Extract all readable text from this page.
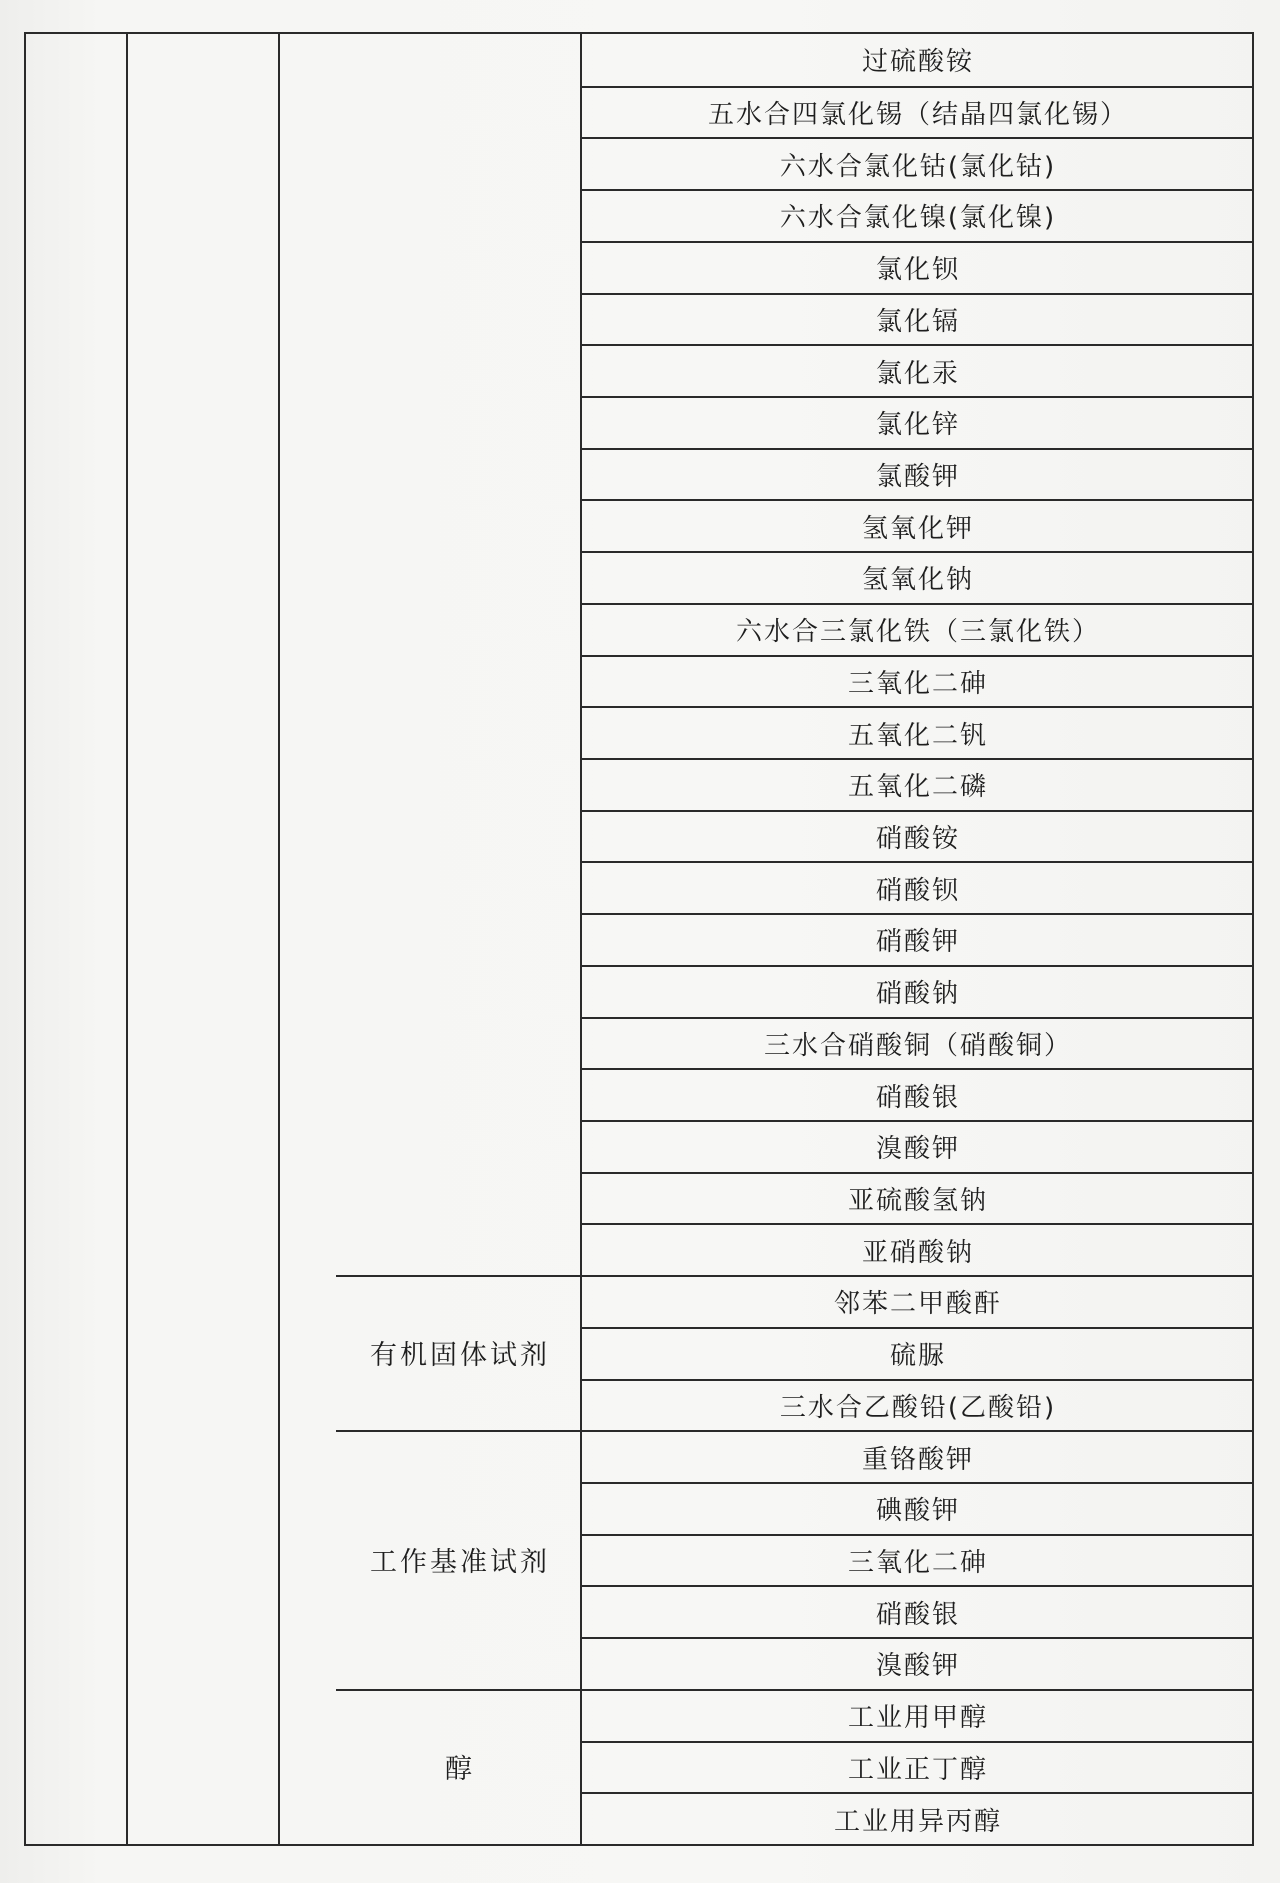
有机固体试剂
工作基准试剂
醇
过硫酸铵
五水合四氯化锡（结晶四氯化锡）
六水合氯化钴(氯化钴)
六水合氯化镍(氯化镍)
氯化钡
氯化镉
氯化汞
氯化锌
氯酸钾
氢氧化钾
氢氧化钠
六水合三氯化铁（三氯化铁）
三氧化二砷
五氧化二钒
五氧化二磷
硝酸铵
硝酸钡
硝酸钾
硝酸钠
三水合硝酸铜（硝酸铜）
硝酸银
溴酸钾
亚硫酸氢钠
亚硝酸钠
邻苯二甲酸酐
硫脲
三水合乙酸铅(乙酸铅)
重铬酸钾
碘酸钾
三氧化二砷
硝酸银
溴酸钾
工业用甲醇
工业正丁醇
工业用异丙醇
